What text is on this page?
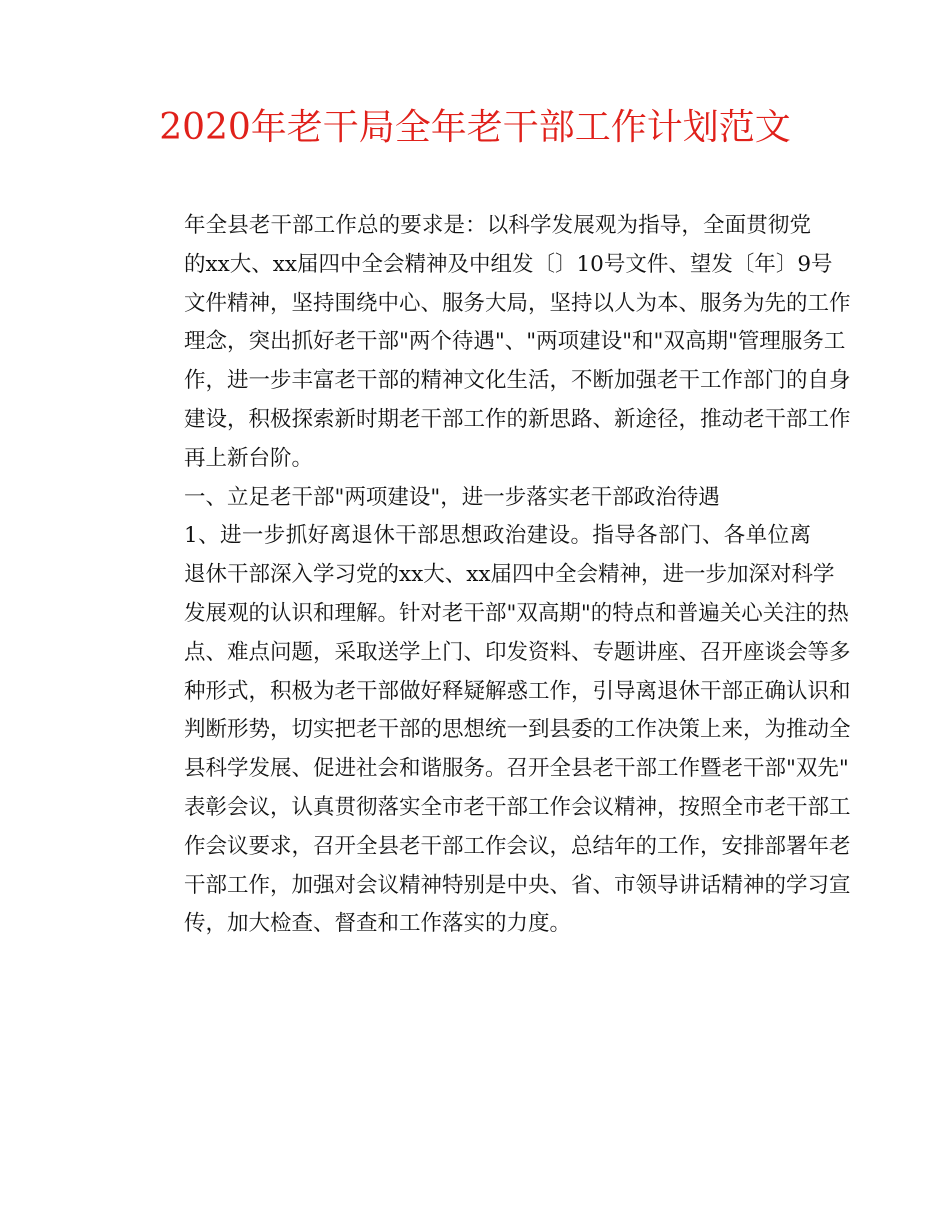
2020年老干局全年老干部工作计划范文
年全县老干部工作总的要求是：以科学发展观为指导，全面贯彻党
的xx大、xx届四中全会精神及中组发〔〕10号文件、望发〔年〕9号
文件精神，坚持围绕中心、服务大局，坚持以人为本、服务为先的工作
理念，突出抓好老干部"两个待遇"、"两项建设"和"双高期"管理服务工
作，进一步丰富老干部的精神文化生活，不断加强老干工作部门的自身
建设，积极探索新时期老干部工作的新思路、新途径，推动老干部工作
再上新台阶。
一、立足老干部"两项建设"，进一步落实老干部政治待遇
1、进一步抓好离退休干部思想政治建设。指导各部门、各单位离
退休干部深入学习党的xx大、xx届四中全会精神，进一步加深对科学
发展观的认识和理解。针对老干部"双高期"的特点和普遍关心关注的热
点、难点问题，采取送学上门、印发资料、专题讲座、召开座谈会等多
种形式，积极为老干部做好释疑解惑工作，引导离退休干部正确认识和
判断形势，切实把老干部的思想统一到县委的工作决策上来，为推动全
县科学发展、促进社会和谐服务。召开全县老干部工作暨老干部"双先"
表彰会议，认真贯彻落实全市老干部工作会议精神，按照全市老干部工
作会议要求，召开全县老干部工作会议，总结年的工作，安排部署年老
干部工作，加强对会议精神特别是中央、省、市领导讲话精神的学习宣
传，加大检查、督查和工作落实的力度。
